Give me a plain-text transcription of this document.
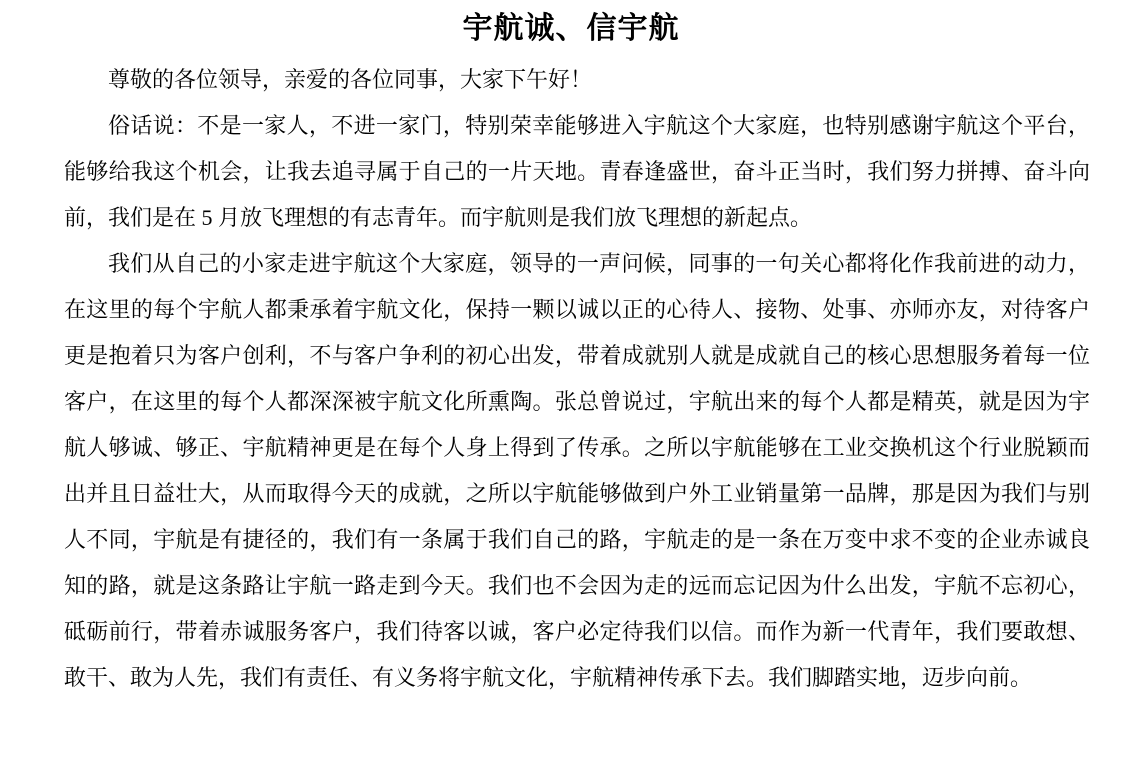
宇航诚、信宇航

尊敬的各位领导，亲爱的各位同事，大家下午好！

俗话说：不是一家人，不进一家门，特别荣幸能够进入宇航这个大家庭，也特别感谢宇航这个平台，能够给我这个机会，让我去追寻属于自己的一片天地。青春逢盛世，奋斗正当时，我们努力拼搏、奋斗向前，我们是在 5 月放飞理想的有志青年。而宇航则是我们放飞理想的新起点。

我们从自己的小家走进宇航这个大家庭，领导的一声问候，同事的一句关心都将化作我前进的动力，在这里的每个宇航人都秉承着宇航文化，保持一颗以诚以正的心待人、接物、处事、亦师亦友，对待客户更是抱着只为客户创利，不与客户争利的初心出发，带着成就别人就是成就自己的核心思想服务着每一位客户，在这里的每个人都深深被宇航文化所熏陶。张总曾说过，宇航出来的每个人都是精英，就是因为宇航人够诚、够正、宇航精神更是在每个人身上得到了传承。之所以宇航能够在工业交换机这个行业脱颖而出并且日益壮大，从而取得今天的成就，之所以宇航能够做到户外工业销量第一品牌，那是因为我们与别人不同，宇航是有捷径的，我们有一条属于我们自己的路，宇航走的是一条在万变中求不变的企业赤诚良知的路，就是这条路让宇航一路走到今天。我们也不会因为走的远而忘记因为什么出发，宇航不忘初心，砥砺前行，带着赤诚服务客户，我们待客以诚，客户必定待我们以信。而作为新一代青年，我们要敢想、敢干、敢为人先，我们有责任、有义务将宇航文化，宇航精神传承下去。我们脚踏实地，迈步向前。
